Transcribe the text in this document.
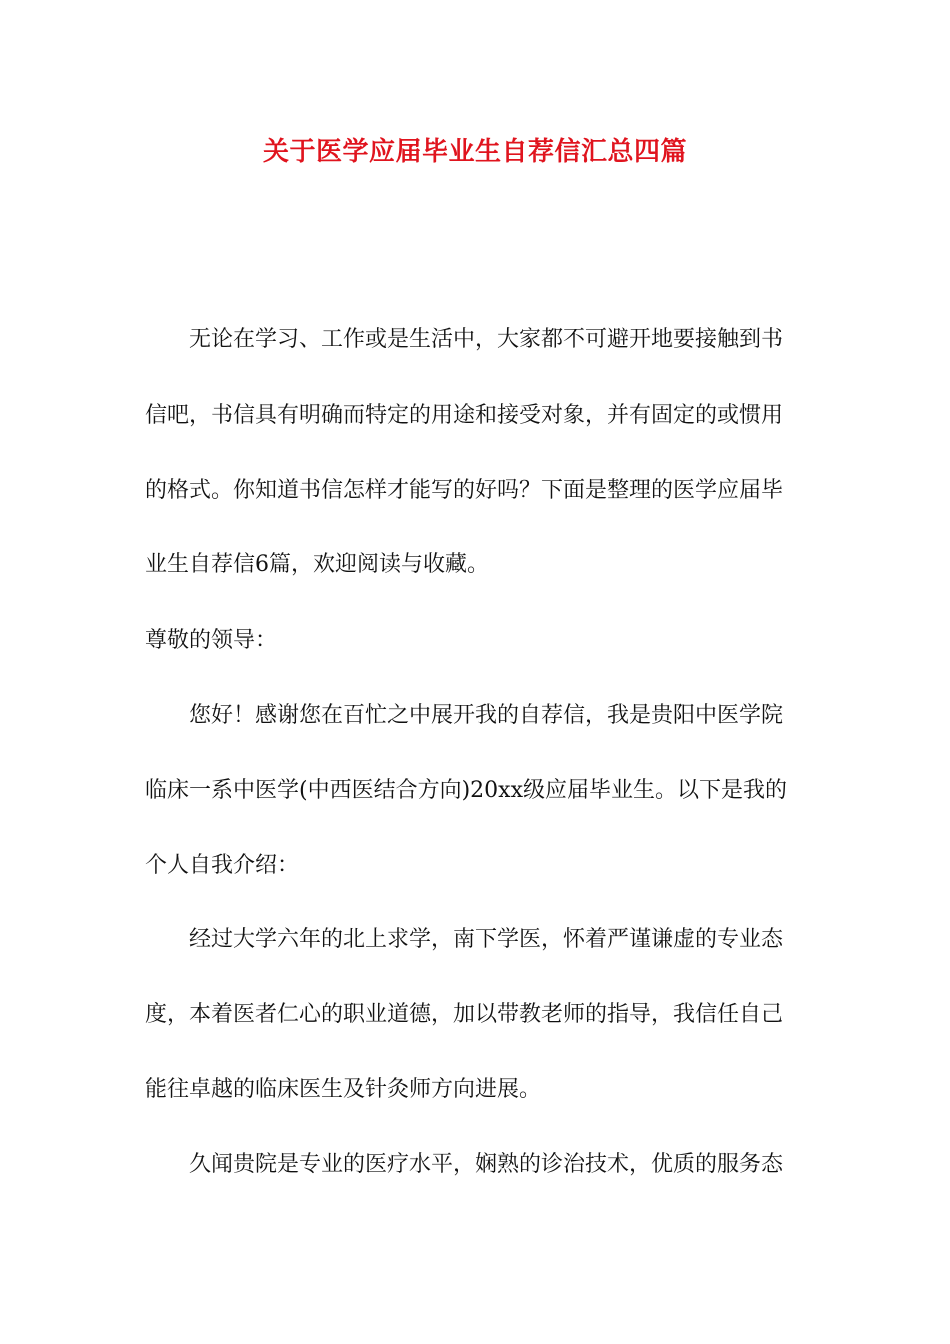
关于医学应届毕业生自荐信汇总四篇
无论在学习、工作或是生活中，大家都不可避开地要接触到书
信吧，书信具有明确而特定的用途和接受对象，并有固定的或惯用
的格式。你知道书信怎样才能写的好吗？下面是整理的医学应届毕
业生自荐信6篇，欢迎阅读与收藏。
尊敬的领导：
您好！感谢您在百忙之中展开我的自荐信，我是贵阳中医学院
临床一系中医学(中西医结合方向)20xx级应届毕业生。以下是我的
个人自我介绍：
经过大学六年的北上求学，南下学医，怀着严谨谦虚的专业态
度，本着医者仁心的职业道德，加以带教老师的指导，我信任自己
能往卓越的临床医生及针灸师方向进展。
久闻贵院是专业的医疗水平，娴熟的诊治技术，优质的服务态
